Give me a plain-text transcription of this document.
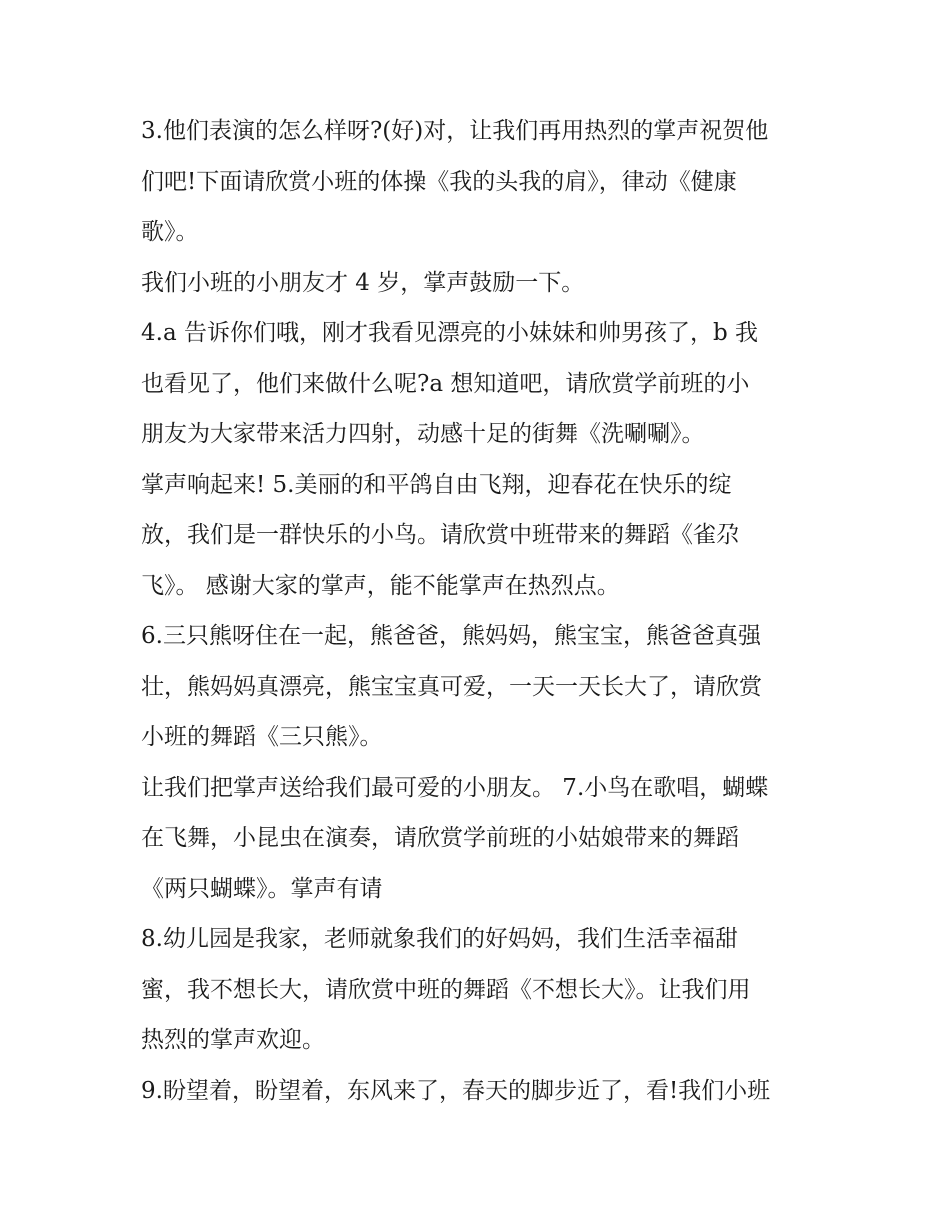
3.他们表演的怎么样呀?(好)对，让我们再用热烈的掌声祝贺他
们吧!下面请欣赏小班的体操《我的头我的肩》，律动《健康
歌》。
我们小班的小朋友才 4 岁，掌声鼓励一下。
4.a 告诉你们哦，刚才我看见漂亮的小妹妹和帅男孩了，b 我
也看见了，他们来做什么呢?a 想知道吧，请欣赏学前班的小
朋友为大家带来活力四射，动感十足的街舞《洗唰唰》。
掌声响起来! 5.美丽的和平鸽自由飞翔，迎春花在快乐的绽
放，我们是一群快乐的小鸟。请欣赏中班带来的舞蹈《雀尕
飞》。 感谢大家的掌声，能不能掌声在热烈点。
6.三只熊呀住在一起，熊爸爸，熊妈妈，熊宝宝，熊爸爸真强
壮，熊妈妈真漂亮，熊宝宝真可爱，一天一天长大了，请欣赏
小班的舞蹈《三只熊》。
让我们把掌声送给我们最可爱的小朋友。 7.小鸟在歌唱，蝴蝶
在飞舞，小昆虫在演奏，请欣赏学前班的小姑娘带来的舞蹈
《两只蝴蝶》。掌声有请
8.幼儿园是我家，老师就象我们的好妈妈，我们生活幸福甜
蜜，我不想长大，请欣赏中班的舞蹈《不想长大》。让我们用
热烈的掌声欢迎。
9.盼望着，盼望着，东风来了，春天的脚步近了，看!我们小班
